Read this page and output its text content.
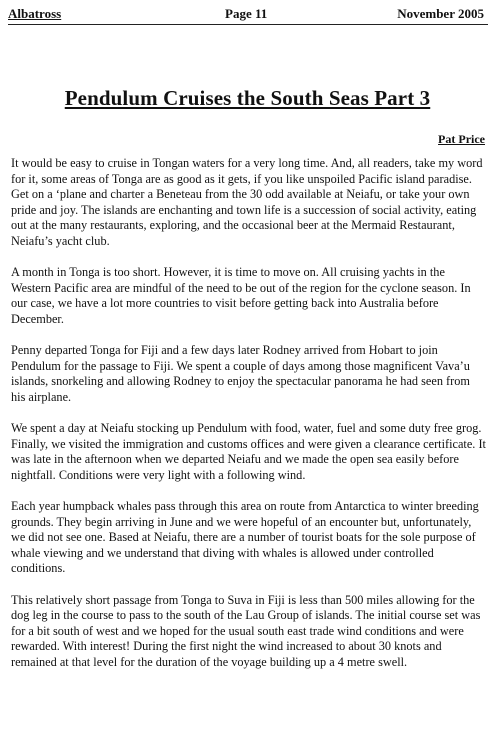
Albatross	Page 11	November 2005
Pendulum Cruises the South Seas Part 3
Pat Price

It would be easy to cruise in Tongan waters for a very long time. And, all readers, take my word for it, some areas of Tonga are as good as it gets, if you like unspoiled Pacific island paradise. Get on a ‘plane and charter a Beneteau from the 30 odd available at Neiafu, or take your own pride and joy. The islands are enchanting and town life is a succession of social activity, eating out at the many restaurants, exploring, and the occasional beer at the Mermaid Restaurant, Neiafu’s yacht club.

A month in Tonga is too short. However, it is time to move on. All cruising yachts in the Western Pacific area are mindful of the need to be out of the region for the cyclone season. In our case, we have a lot more countries to visit before getting back into Australia before December.

Penny departed Tonga for Fiji and a few days later Rodney arrived from Hobart to join Pendulum for the passage to Fiji. We spent a couple of days among those magnificent Vava’u islands, snorkeling and allowing Rodney to enjoy the spectacular panorama he had seen from his airplane.

We spent a day at Neiafu stocking up Pendulum with food, water, fuel and some duty free grog. Finally, we visited the immigration and customs offices and were given a clearance certificate. It was late in the afternoon when we departed Neiafu and we made the open sea easily before nightfall. Conditions were very light with a following wind.

Each year humpback whales pass through this area on route from Antarctica to winter breeding grounds. They begin arriving in June and we were hopeful of an encounter but, unfortunately, we did not see one. Based at Neiafu, there are a number of tourist boats for the sole purpose of whale viewing and we understand that diving with whales is allowed under controlled conditions.

This relatively short passage from Tonga to Suva in Fiji is less than 500 miles allowing for the dog leg in the course to pass to the south of the Lau Group of islands. The initial course set was for a bit south of west and we hoped for the usual south east trade wind conditions and were rewarded. With interest! During the first night the wind increased to about 30 knots and remained at that level for the duration of the voyage building up a 4 metre swell.
